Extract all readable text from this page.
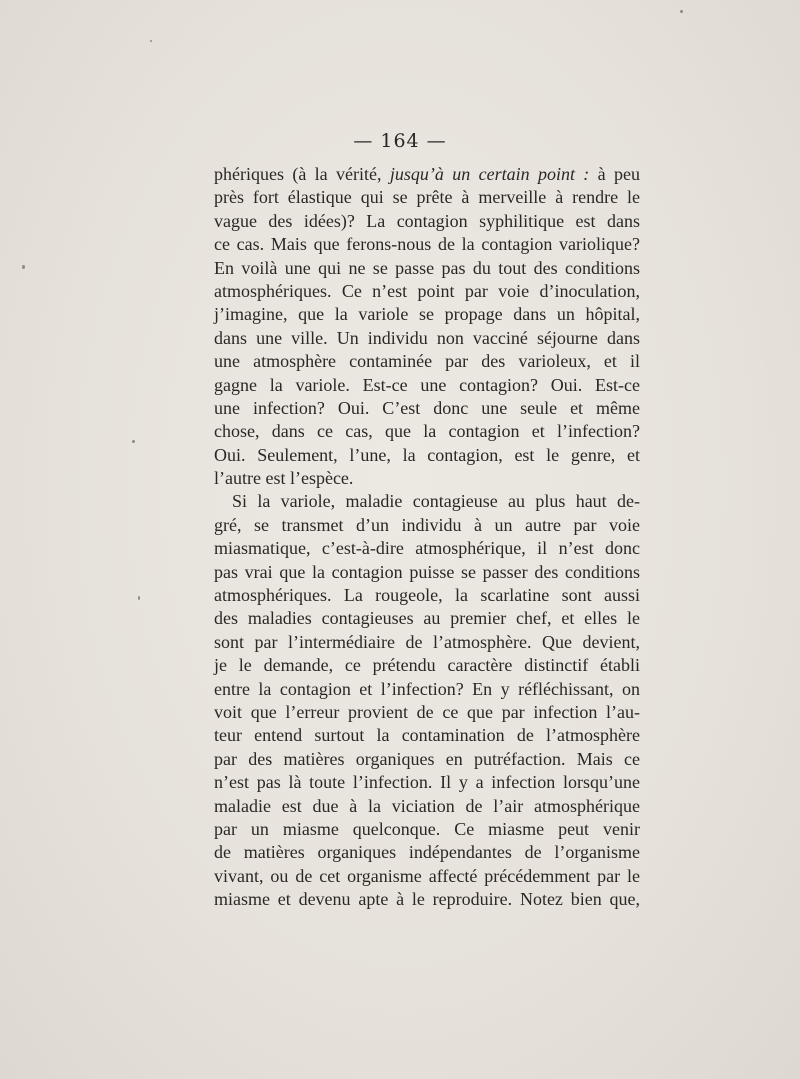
— 164 —
phériques (à la vérité, jusqu’à un certain point : à peu
près fort élastique qui se prête à merveille à rendre le
vague des idées)? La contagion syphilitique est dans
ce cas. Mais que ferons-nous de la contagion variolique?
En voilà une qui ne se passe pas du tout des conditions
atmosphériques. Ce n’est point par voie d’inoculation,
j’imagine, que la variole se propage dans un hôpital,
dans une ville. Un individu non vacciné séjourne dans
une atmosphère contaminée par des varioleux, et il
gagne la variole. Est-ce une contagion? Oui. Est-ce
une infection? Oui. C’est donc une seule et même
chose, dans ce cas, que la contagion et l’infection?
Oui. Seulement, l’une, la contagion, est le genre, et
l’autre est l’espèce.
Si la variole, maladie contagieuse au plus haut de-
gré, se transmet d’un individu à un autre par voie
miasmatique, c’est-à-dire atmosphérique, il n’est donc
pas vrai que la contagion puisse se passer des conditions
atmosphériques. La rougeole, la scarlatine sont aussi
des maladies contagieuses au premier chef, et elles le
sont par l’intermédiaire de l’atmosphère. Que devient,
je le demande, ce prétendu caractère distinctif établi
entre la contagion et l’infection? En y réfléchissant, on
voit que l’erreur provient de ce que par infection l’au-
teur entend surtout la contamination de l’atmosphère
par des matières organiques en putréfaction. Mais ce
n’est pas là toute l’infection. Il y a infection lorsqu’une
maladie est due à la viciation de l’air atmosphérique
par un miasme quelconque. Ce miasme peut venir
de matières organiques indépendantes de l’organisme
vivant, ou de cet organisme affecté précédemment par le
miasme et devenu apte à le reproduire. Notez bien que,
